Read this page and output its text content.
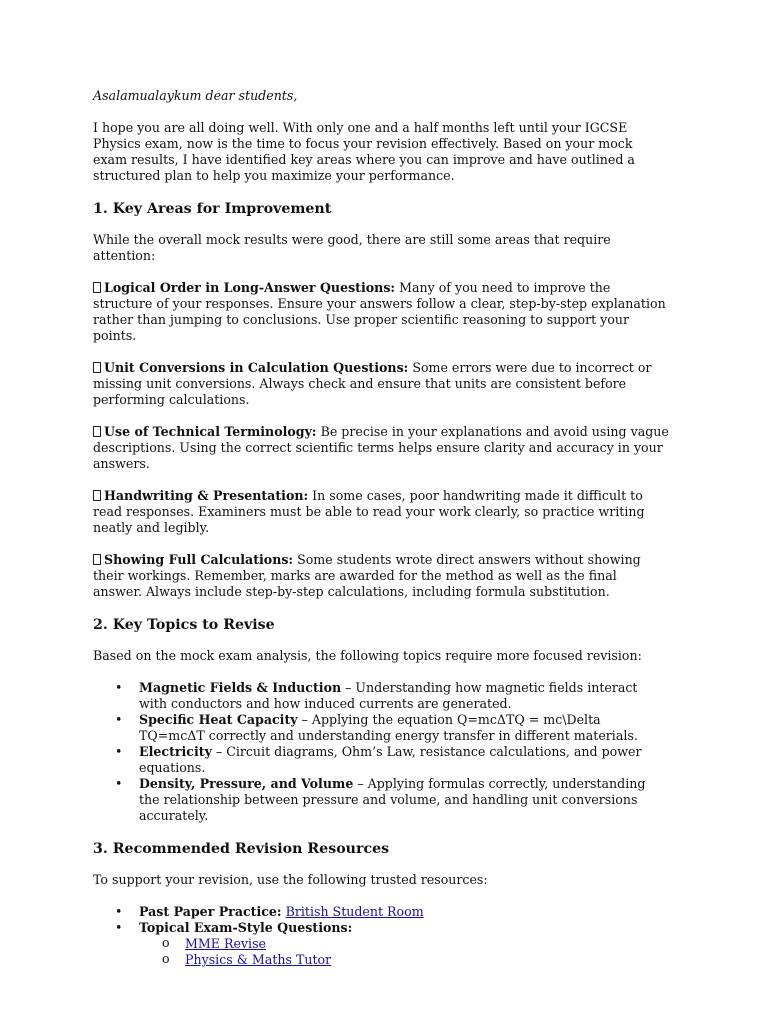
Asalamualaykum dear students,

I hope you are all doing well. With only one and a half months left until your IGCSE Physics exam, now is the time to focus your revision effectively. Based on your mock exam results, I have identified key areas where you can improve and have outlined a structured plan to help you maximize your performance.

1. Key Areas for Improvement

While the overall mock results were good, there are still some areas that require attention:

Logical Order in Long-Answer Questions: Many of you need to improve the structure of your responses. Ensure your answers follow a clear, step-by-step explanation rather than jumping to conclusions. Use proper scientific reasoning to support your points.

Unit Conversions in Calculation Questions: Some errors were due to incorrect or missing unit conversions. Always check and ensure that units are consistent before performing calculations.

Use of Technical Terminology: Be precise in your explanations and avoid using vague descriptions. Using the correct scientific terms helps ensure clarity and accuracy in your answers.

Handwriting & Presentation: In some cases, poor handwriting made it difficult to read responses. Examiners must be able to read your work clearly, so practice writing neatly and legibly.

Showing Full Calculations: Some students wrote direct answers without showing their workings. Remember, marks are awarded for the method as well as the final answer. Always include step-by-step calculations, including formula substitution.

2. Key Topics to Revise

Based on the mock exam analysis, the following topics require more focused revision:

• Magnetic Fields & Induction – Understanding how magnetic fields interact with conductors and how induced currents are generated.
• Specific Heat Capacity – Applying the equation Q=mcΔTQ = mc\Delta TQ=mcΔT correctly and understanding energy transfer in different materials.
• Electricity – Circuit diagrams, Ohm’s Law, resistance calculations, and power equations.
• Density, Pressure, and Volume – Applying formulas correctly, understanding the relationship between pressure and volume, and handling unit conversions accurately.
3. Recommended Revision Resources

To support your revision, use the following trusted resources:

• Past Paper Practice: British Student Room
• Topical Exam-Style Questions:
o MME Revise
o Physics & Maths Tutor
